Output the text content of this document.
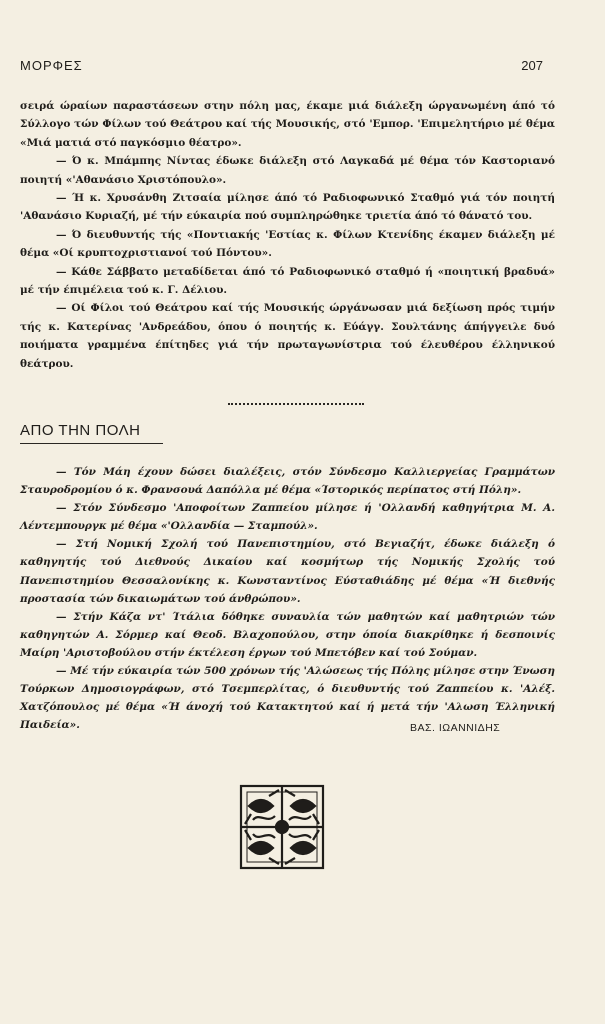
ΜΟΡΦΕΣ	207

σειρά ώραίων παραστάσεων στην πόλη μας, έκαμε μιά διάλεξη ώργανωμένη άπό τό Σύλλογο τών Φίλων τού Θεάτρου καί τής Μουσικής, στό 'Εμπορ. 'Επιμελητήριο μέ θέμα «Μιά ματιά στό παγκόσμιο θέατρο».

— Ό κ. Μπάμπης Νίντας έδωκε διάλεξη στό Λαγκαδά μέ θέμα τόν Καστοριανό ποιητή «'Αθανάσιο Χριστόπουλο».

— Ή κ. Χρυσάνθη Ζιτσαία μίλησε άπό τό Ραδιοφωνικό Σταθμό γιά τόν ποιητή 'Αθανάσιο Κυριαζή, μέ τήν εύκαιρία πού συμπληρώθηκε τριετία άπό τό θάνατό του.

— Ό διευθυντής τής «Ποντιακής 'Εστίας κ. Φίλων Κτενίδης έκαμεν διάλεξη μέ θέμα «Οί κρυπτοχριστιανοί τού Πόντου».

— Κάθε Σάββατο μεταδίδεται άπό τό Ραδιοφωνικό σταθμό ή «ποιητική βραδυά» μέ τήν έπιμέλεια τού κ. Γ. Δέλιου.

— Οί Φίλοι τού Θεάτρου καί τής Μουσικής ώργάνωσαν μιά δεξίωση πρός τιμήν τής κ. Κατερίνας 'Ανδρεάδου, όπου ό ποιητής κ. Εύάγγ. Σουλτάνης άπήγγειλε δυό ποιήματα γραμμένα έπίτηδες γιά τήν πρωταγωνίστρια τού έλευθέρου έλληνικού θεάτρου.

ΑΠΟ ΤΗΝ ΠΟΛΗ

— Τόν Μάη έχουν δώσει διαλέξεις, στόν Σύνδεσμο Καλλιεργείας Γραμμάτων Σταυροδρομίου ό κ. Φρανσουά Δαπόλλα μέ θέμα «Ίστορικός περίπατος στή Πόλη».

— Στόν Σύνδεσμο 'Αποφοίτων Ζαππείου μίλησε ή 'Ολλανδή καθηγήτρια Μ. Α. Λέντεμπουργκ μέ θέμα «'Ολλανδία — Σταμπούλ».

— Στή Νομική Σχολή τού Πανεπιστημίου, στό Βεγιαζήτ, έδωκε διάλεξη ό καθηγητής τού Διεθνούς Δικαίου καί κοσμήτωρ τής Νομικής Σχολής τού Πανεπιστημίου Θεσσαλονίκης κ. Κωνσταντίνος Εύσταθιάδης μέ θέμα «Ή διεθνής προστασία τών δικαιωμάτων τού άνθρώπου».

— Στήν Κάζα ντ' Ίτάλια δόθηκε συναυλία τών μαθητών καί μαθητριών τών καθηγητών Α. Σόρμερ καί Θεοδ. Βλαχοπούλου, στην όποία διακρίθηκε ή δεσποινίς Μαίρη 'Αριστοβούλου στήν έκτέλεση έργων τού Μπετόβεν καί τού Σούμαν.

— Μέ τήν εύκαιρία τών 500 χρόνων τής 'Αλώσεως τής Πόλης μίλησε στην Ένωση Τούρκων Δημοσιογράφων, στό Τσεμπερλίτας, ό διευθυντής τού Ζαππείου κ. 'Αλέξ. Χατζόπουλος μέ θέμα «Ή άνοχή τού Κατακτητού καί ή μετά τήν 'Αλωση Έλληνική Παιδεία».	ΒΑΣ. ΙΩΑΝΝΙΔΗΣ
